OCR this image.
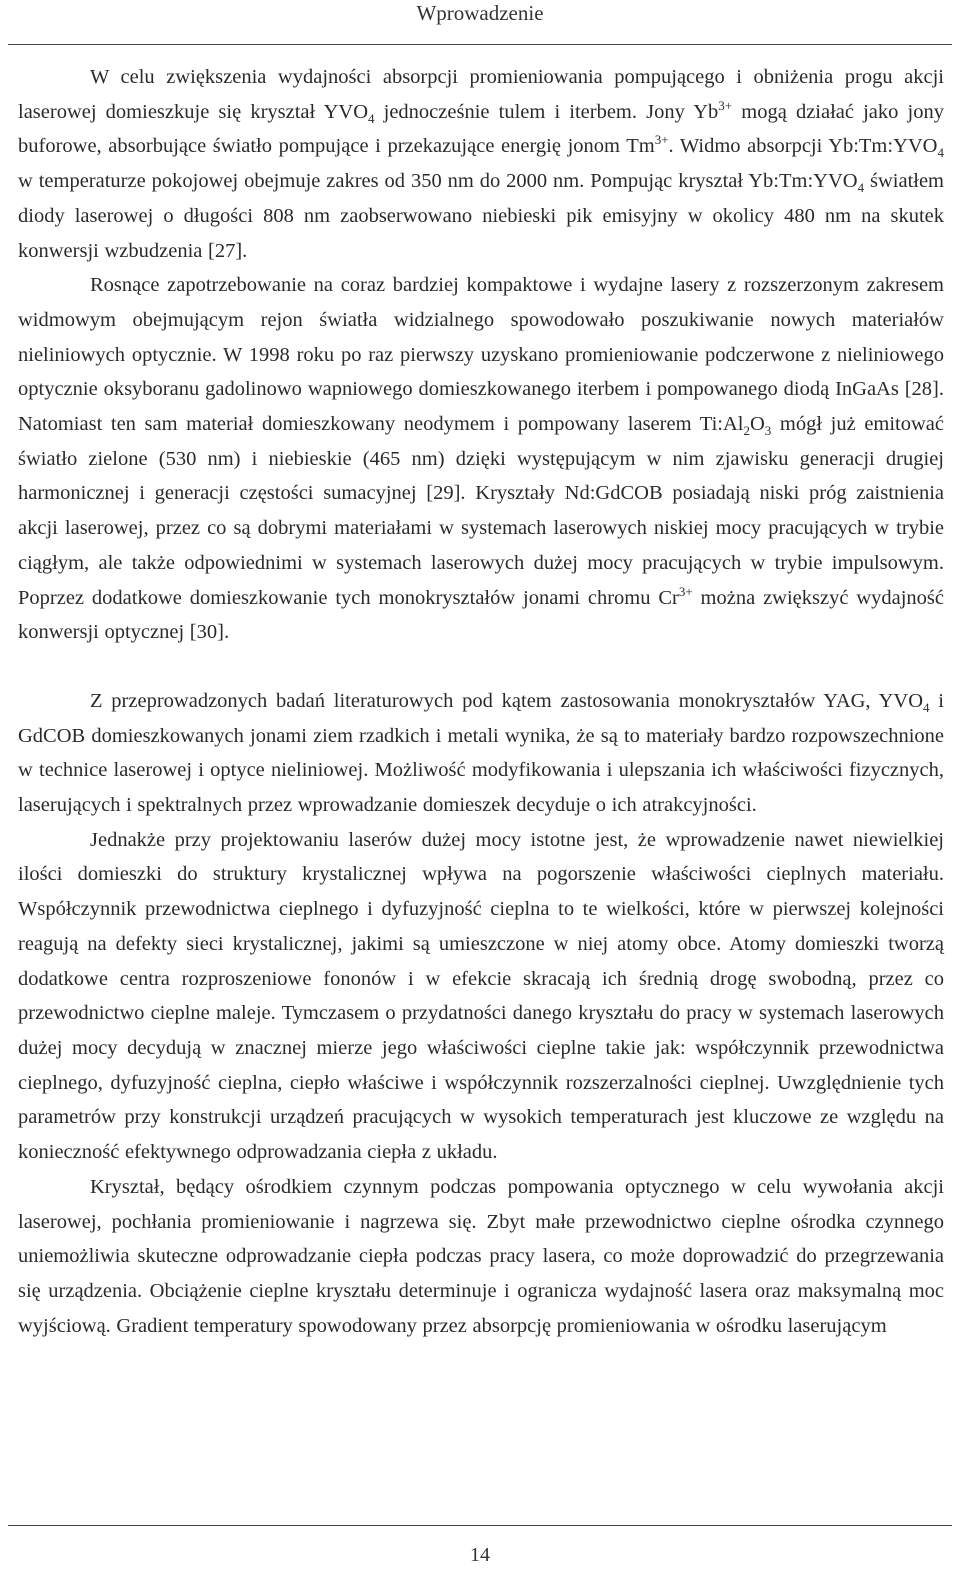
Wprowadzenie

W celu zwiększenia wydajności absorpcji promieniowania pompującego i obniżenia progu akcji laserowej domieszkuje się kryształ $YVO_4$ jednocześnie tulem i iterbem. Jony $Yb^{3+}$ mogą działać jako jony buforowe, absorbujące światło pompujące i przekazujące energię jonom $Tm^{3+}$. Widmo absorpcji $Yb:Tm:YVO_4$ w temperaturze pokojowej obejmuje zakres od 350 nm do 2000 nm. Pompując kryształ $Yb:Tm:YVO_4$ światłem diody laserowej o długości 808 nm zaobserwowano niebieski pik emisyjny w okolicy 480 nm na skutek konwersji wzbudzenia [27].

Rosnące zapotrzebowanie na coraz bardziej kompaktowe i wydajne lasery z rozszerzonym zakresem widmowym obejmującym rejon światła widzialnego spowodowało poszukiwanie nowych materiałów nieliniowych optycznie. W 1998 roku po raz pierwszy uzyskano promieniowanie podczerwone z nieliniowego optycznie oksyboranu gadolinowo wapniowego domieszkowanego iterbem i pompowanego diodą InGaAs [28]. Natomiast ten sam materiał domieszkowany neodymem i pompowany laserem $Ti:Al_2O_3$ mógł już emitować światło zielone (530 nm) i niebieskie (465 nm) dzięki występującym w nim zjawisku generacji drugiej harmonicznej i generacji częstości sumacyjnej [29]. Kryształy Nd:GdCOB posiadają niski próg zaistnienia akcji laserowej, przez co są dobrymi materiałami w systemach laserowych niskiej mocy pracujących w trybie ciągłym, ale także odpowiednimi w systemach laserowych dużej mocy pracujących w trybie impulsowym. Poprzez dodatkowe domieszkowanie tych monokryształów jonami chromu $Cr^{3+}$ można zwiększyć wydajność konwersji optycznej [30].

Z przeprowadzonych badań literaturowych pod kątem zastosowania monokryształów YAG, $YVO_4$ i GdCOB domieszkowanych jonami ziem rzadkich i metali wynika, że są to materiały bardzo rozpowszechnione w technice laserowej i optyce nieliniowej. Możliwość modyfikowania i ulepszania ich właściwości fizycznych, laserujących i spektralnych przez wprowadzanie domieszek decyduje o ich atrakcyjności.

Jednakże przy projektowaniu laserów dużej mocy istotne jest, że wprowadzenie nawet niewielkiej ilości domieszki do struktury krystalicznej wpływa na pogorszenie właściwości cieplnych materiału. Współczynnik przewodnictwa cieplnego i dyfuzyjność cieplna to te wielkości, które w pierwszej kolejności reagują na defekty sieci krystalicznej, jakimi są umieszczone w niej atomy obce. Atomy domieszki tworzą dodatkowe centra rozproszeniowe fononów i w efekcie skracają ich średnią drogę swobodną, przez co przewodnictwo cieplne maleje. Tymczasem o przydatności danego kryształu do pracy w systemach laserowych dużej mocy decydują w znacznej mierze jego właściwości cieplne takie jak: współczynnik przewodnictwa cieplnego, dyfuzyjność cieplna, ciepło właściwe i współczynnik rozszerzalności cieplnej. Uwzględnienie tych parametrów przy konstrukcji urządzeń pracujących w wysokich temperaturach jest kluczowe ze względu na konieczność efektywnego odprowadzania ciepła z układu.

Kryształ, będący ośrodkiem czynnym podczas pompowania optycznego w celu wywołania akcji laserowej, pochłania promieniowanie i nagrzewa się. Zbyt małe przewodnictwo cieplne ośrodka czynnego uniemożliwia skuteczne odprowadzanie ciepła podczas pracy lasera, co może doprowadzić do przegrzewania się urządzenia. Obciążenie cieplne kryształu determinuje i ogranicza wydajność lasera oraz maksymalną moc wyjściową. Gradient temperatury spowodowany przez absorpcję promieniowania w ośrodku laserującym

14
